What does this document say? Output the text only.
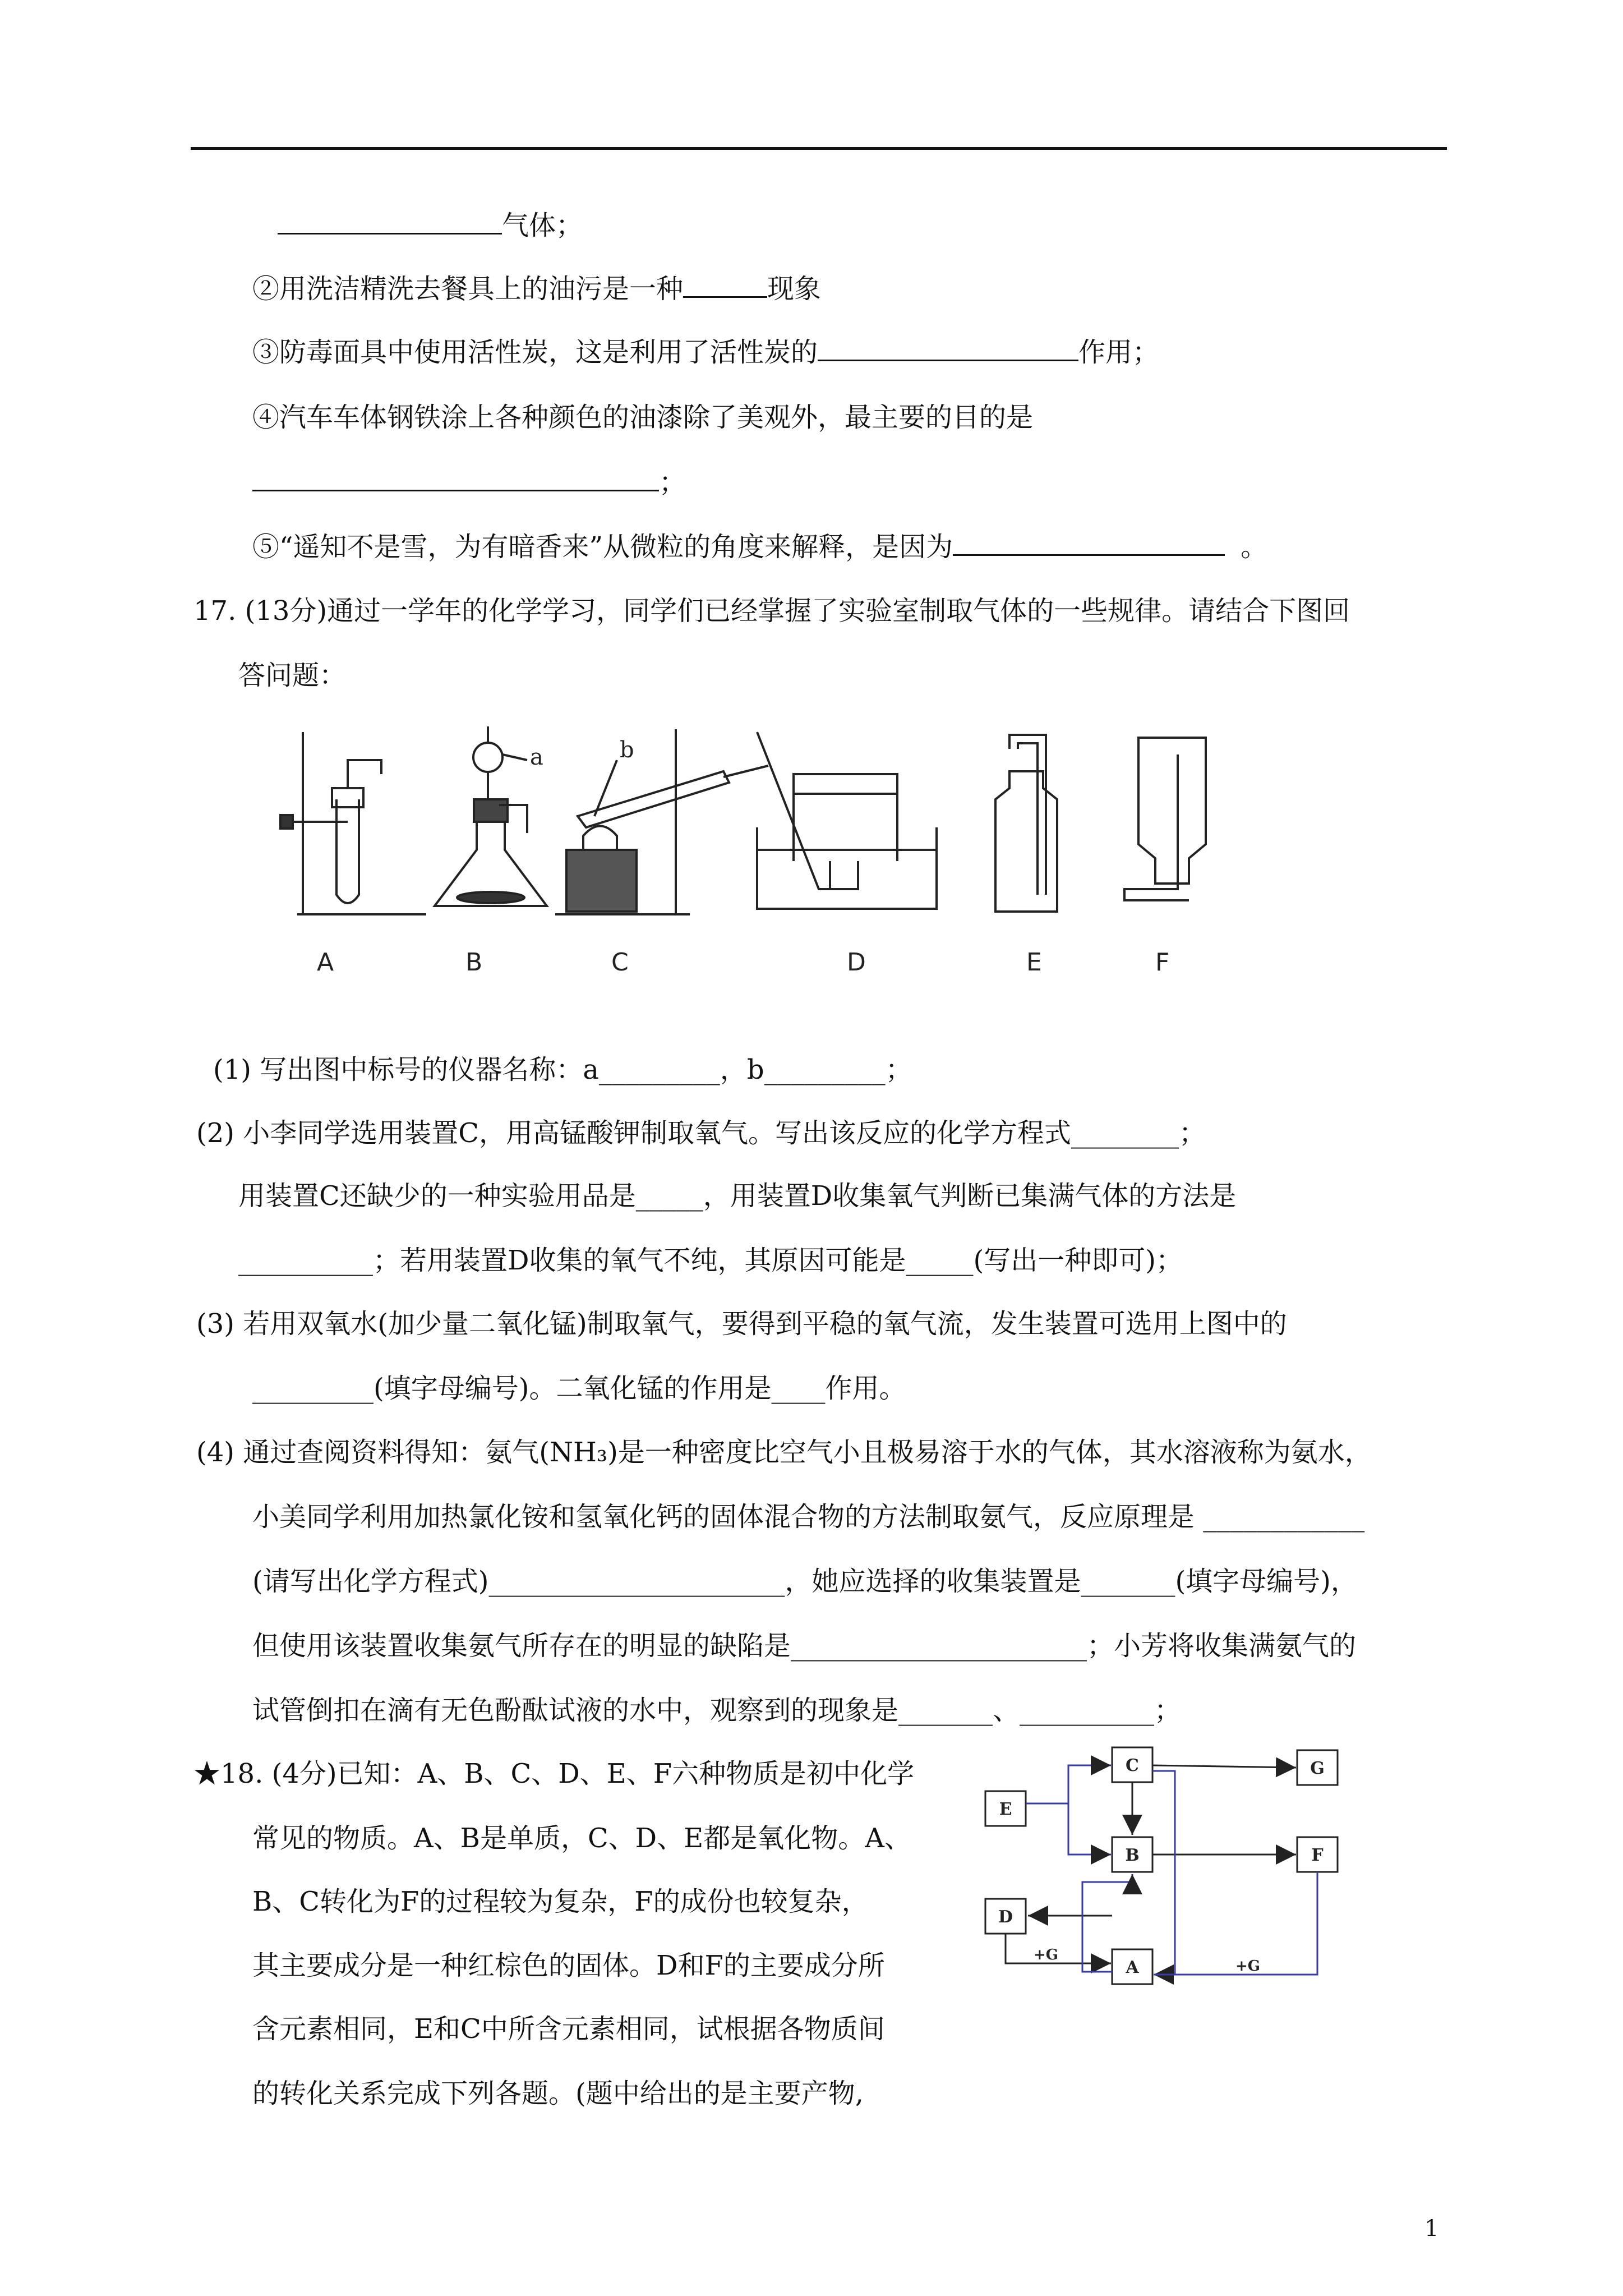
气体；
②用洗洁精洗去餐具上的油污是一种	现象
③防毒面具中使用活性炭，这是利用了活性炭的	作用；
④汽车车体钢铁涂上各种颜色的油漆除了美观外，最主要的目的是
；
⑤“遥知不是雪，为有暗香来”从微粒的角度来解释，是因为	。
17. (13分)通过一学年的化学学习，同学们已经掌握了实验室制取气体的一些规律。请结合下图回
答问题：
a	b
A	B	C	D	E	F
(1) 写出图中标号的仪器名称：a_________，b_________；
(2) 小李同学选用装置C，用高锰酸钾制取氧气。写出该反应的化学方程式________；
用装置C还缺少的一种实验用品是_____，用装置D收集氧气判断已集满气体的方法是
__________；若用装置D收集的氧气不纯，其原因可能是_____(写出一种即可)；
(3) 若用双氧水(加少量二氧化锰)制取氧气，要得到平稳的氧气流，发生装置可选用上图中的
_________(填字母编号)。二氧化锰的作用是____作用。
(4) 通过查阅资料得知：氨气(NH₃)是一种密度比空气小且极易溶于水的气体，其水溶液称为氨水，
小美同学利用加热氯化铵和氢氧化钙的固体混合物的方法制取氨气，反应原理是 ____________
(请写出化学方程式)______________________，她应选择的收集装置是_______(填字母编号)，
但使用该装置收集氨气所存在的明显的缺陷是______________________；小芳将收集满氨气的
试管倒扣在滴有无色酚酞试液的水中，观察到的现象是_______、__________；
★18. (4分)已知：A、B、C、D、E、F六种物质是初中化学
常见的物质。A、B是单质，C、D、E都是氧化物。A、
B、C转化为F的过程较为复杂，F的成份也较复杂，
其主要成分是一种红棕色的固体。D和F的主要成分所
含元素相同，E和C中所含元素相同，试根据各物质间
的转化关系完成下列各题。(题中给出的是主要产物,
C	G
E
B	F
D
A
+G
+G
1
